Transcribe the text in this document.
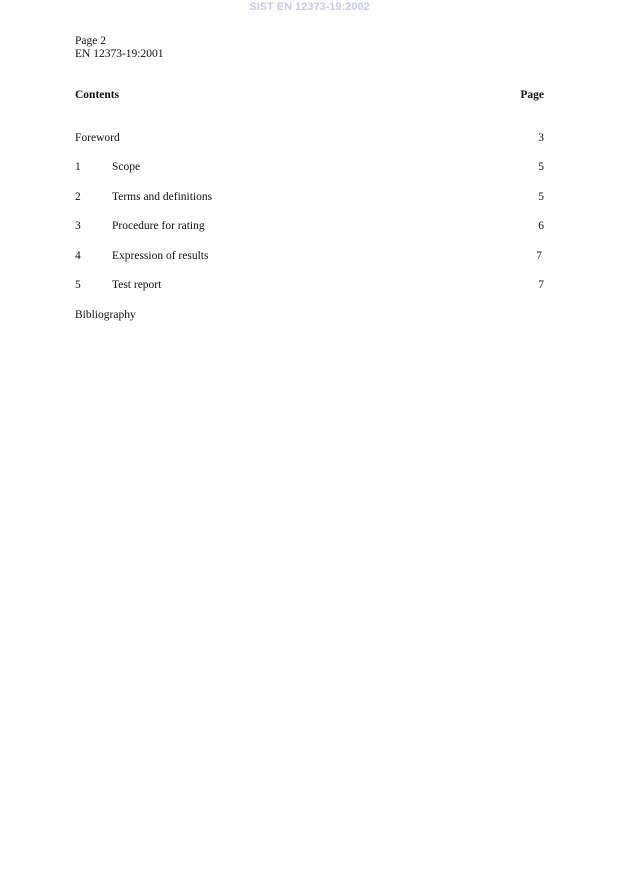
SIST EN 12373-19:2002
Page 2
EN 12373-19:2001
Contents	Page
Foreword	3
1	Scope	5
2	Terms and definitions	5
3	Procedure for rating	6
4	Expression of results	7
5	Test report	7
Bibliography
